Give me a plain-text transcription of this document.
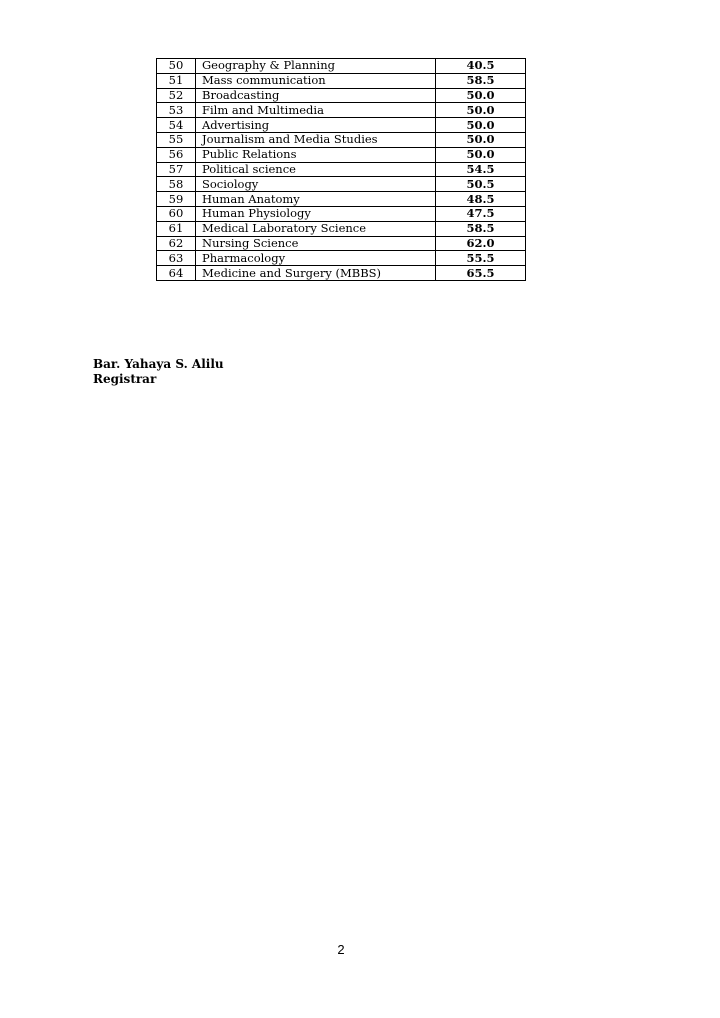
50	Geography & Planning	40.5
51	Mass communication	58.5
52	Broadcasting	50.0
53	Film and Multimedia	50.0
54	Advertising	50.0
55	Journalism and Media Studies	50.0
56	Public Relations	50.0
57	Political science	54.5
58	Sociology	50.5
59	Human Anatomy	48.5
60	Human Physiology	47.5
61	Medical Laboratory Science	58.5
62	Nursing Science	62.0
63	Pharmacology	55.5
64	Medicine and Surgery (MBBS)	65.5
Bar. Yahaya S. Alilu
Registrar
2
